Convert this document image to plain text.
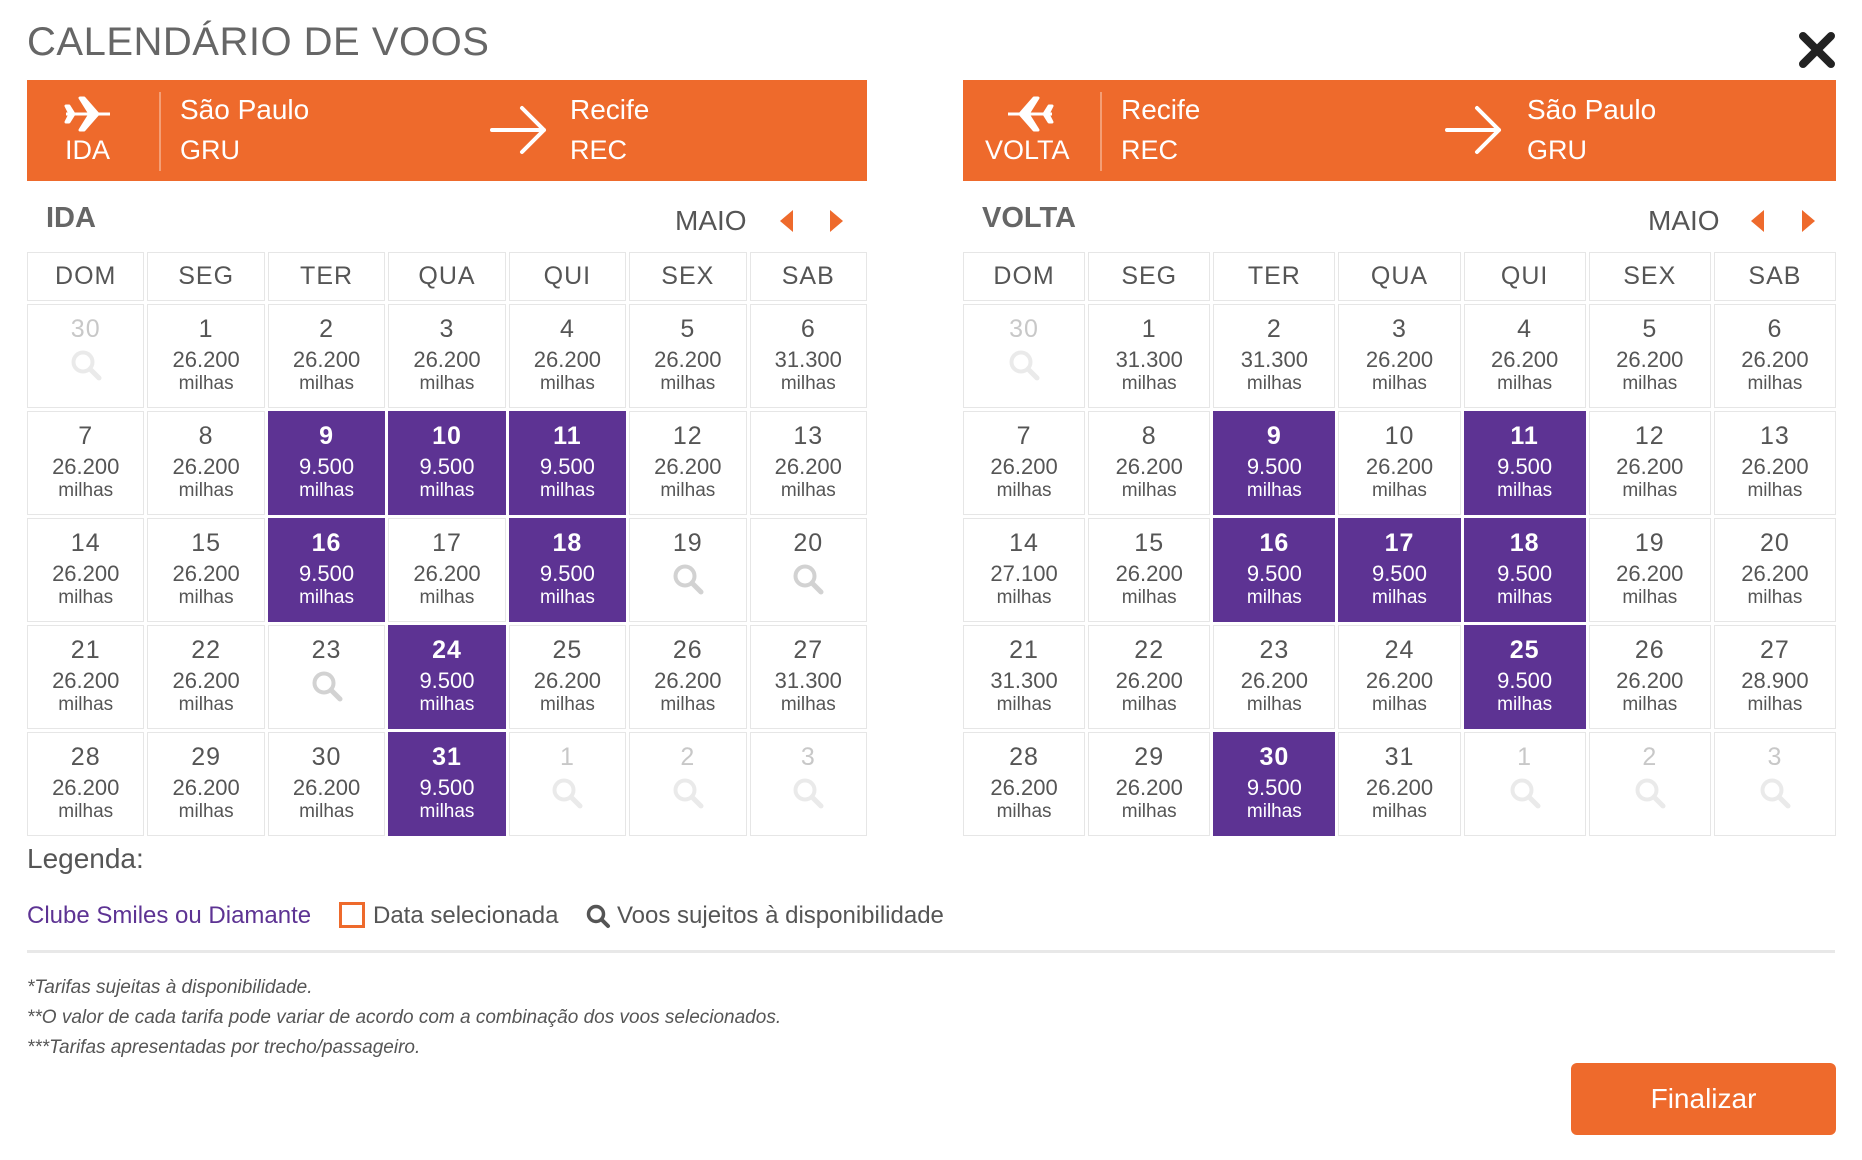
CALENDÁRIO DE VOOS
IDA
São Paulo
GRU
Recife
REC	VOLTA
Recife
REC
São Paulo
GRU
IDA	MAIO	VOLTA	MAIO
DOM	SEG	TER	QUA	QUI	SEX	SAB

30	1
26.200
milhas	2
26.200
milhas	3
26.200
milhas	4
26.200
milhas	5
26.200
milhas	6
31.300
milhas

7
26.200
milhas	8
26.200
milhas	9
9.500
milhas	10
9.500
milhas	11
9.500
milhas	12
26.200
milhas	13
26.200
milhas

14
26.200
milhas	15
26.200
milhas	16
9.500
milhas	17
26.200
milhas	18
9.500
milhas	19	20

21
26.200
milhas	22
26.200
milhas	23	24
9.500
milhas	25
26.200
milhas	26
26.200
milhas	27
31.300
milhas

28
26.200
milhas	29
26.200
milhas	30
26.200
milhas	31
9.500
milhas	1	2	3
DOM	SEG	TER	QUA	QUI	SEX	SAB

30	1
31.300
milhas	2
31.300
milhas	3
26.200
milhas	4
26.200
milhas	5
26.200
milhas	6
26.200
milhas

7
26.200
milhas	8
26.200
milhas	9
9.500
milhas	10
26.200
milhas	11
9.500
milhas	12
26.200
milhas	13
26.200
milhas

14
27.100
milhas	15
26.200
milhas	16
9.500
milhas	17
9.500
milhas	18
9.500
milhas	19
26.200
milhas	20
26.200
milhas

21
31.300
milhas	22
26.200
milhas	23
26.200
milhas	24
26.200
milhas	25
9.500
milhas	26
26.200
milhas	27
28.900
milhas

28
26.200
milhas	29
26.200
milhas	30
9.500
milhas	31
26.200
milhas	1	2	3
Legenda:
Clube Smiles ou Diamante	Data selecionada Voos sujeitos à disponibilidade
*Tarifas sujeitas à disponibilidade.
**O valor de cada tarifa pode variar de acordo com a combinação dos voos selecionados.
***Tarifas apresentadas por trecho/passageiro.
Finalizar
